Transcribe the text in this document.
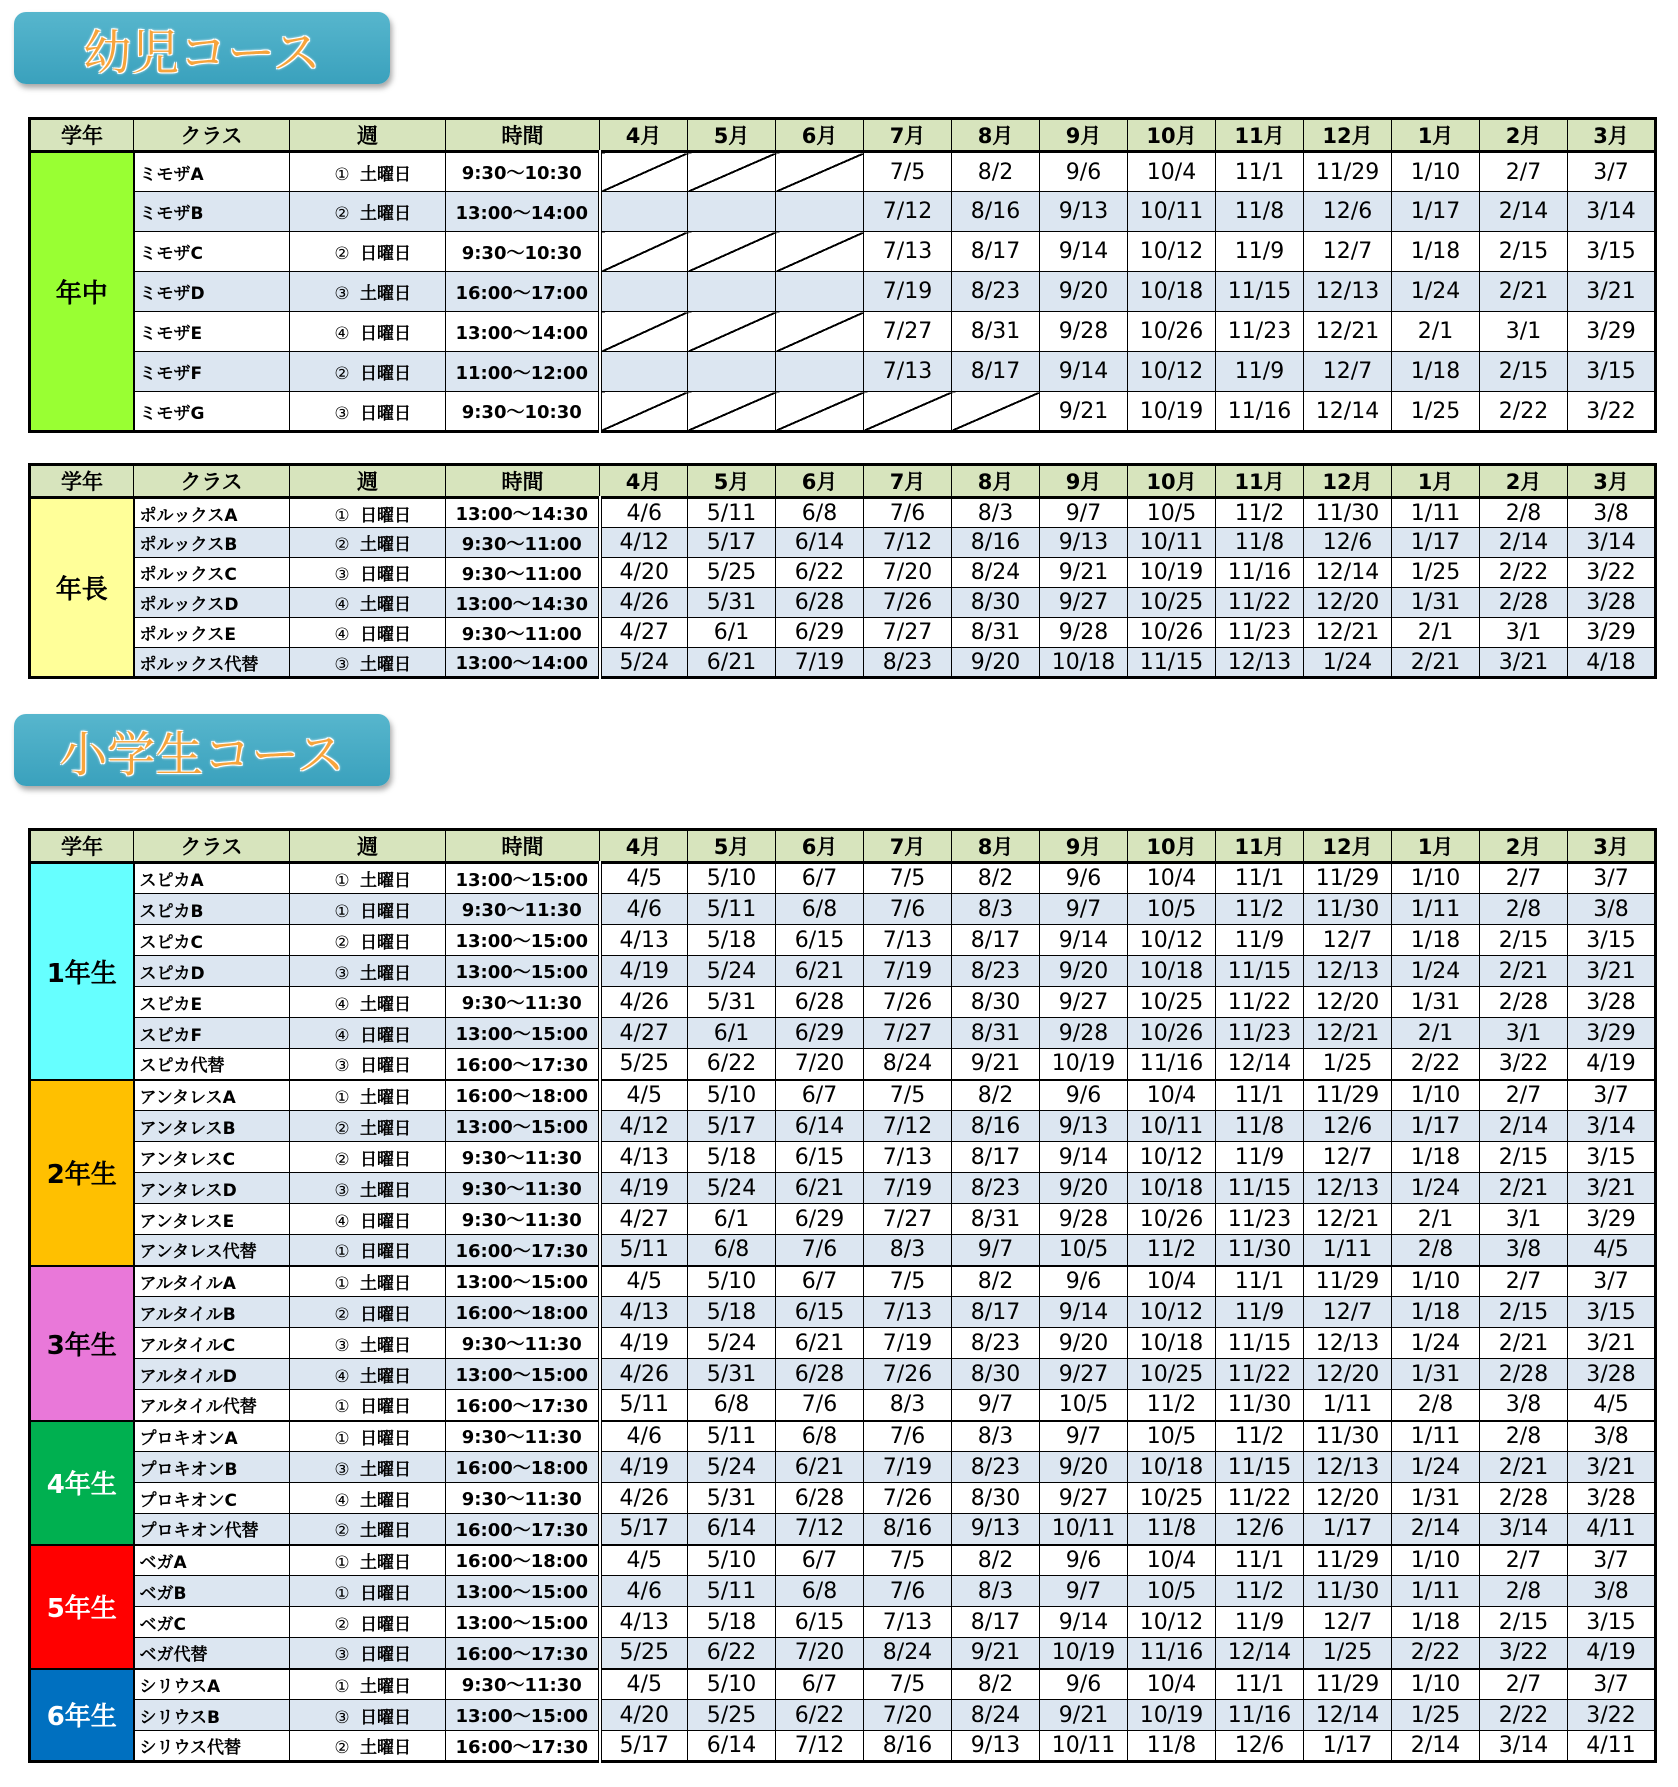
幼児コース
学年	クラス	週	時間	4月	5月	6月	7月	8月	9月	10月	11月	12月	1月	2月	3月
年中	ミモザA	① 土曜日	9:30～10:30				7/5	8/2	9/6	10/4	11/1	11/29	1/10	2/7	3/7
	ミモザB	② 土曜日	13:00～14:00				7/12	8/16	9/13	10/11	11/8	12/6	1/17	2/14	3/14
	ミモザC	② 日曜日	9:30～10:30				7/13	8/17	9/14	10/12	11/9	12/7	1/18	2/15	3/15
	ミモザD	③ 土曜日	16:00～17:00				7/19	8/23	9/20	10/18	11/15	12/13	1/24	2/21	3/21
	ミモザE	④ 日曜日	13:00～14:00				7/27	8/31	9/28	10/26	11/23	12/21	2/1	3/1	3/29
	ミモザF	② 日曜日	11:00～12:00				7/13	8/17	9/14	10/12	11/9	12/7	1/18	2/15	3/15
	ミモザG	③ 日曜日	9:30～10:30						9/21	10/19	11/16	12/14	1/25	2/22	3/22
学年	クラス	週	時間	4月	5月	6月	7月	8月	9月	10月	11月	12月	1月	2月	3月
年長	ポルックスA	① 日曜日	13:00～14:30	4/6	5/11	6/8	7/6	8/3	9/7	10/5	11/2	11/30	1/11	2/8	3/8
	ポルックスB	② 土曜日	9:30～11:00	4/12	5/17	6/14	7/12	8/16	9/13	10/11	11/8	12/6	1/17	2/14	3/14
	ポルックスC	③ 日曜日	9:30～11:00	4/20	5/25	6/22	7/20	8/24	9/21	10/19	11/16	12/14	1/25	2/22	3/22
	ポルックスD	④ 土曜日	13:00～14:30	4/26	5/31	6/28	7/26	8/30	9/27	10/25	11/22	12/20	1/31	2/28	3/28
	ポルックスE	④ 日曜日	9:30～11:00	4/27	6/1	6/29	7/27	8/31	9/28	10/26	11/23	12/21	2/1	3/1	3/29
	ポルックス代替	③ 土曜日	13:00～14:00	5/24	6/21	7/19	8/23	9/20	10/18	11/15	12/13	1/24	2/21	3/21	4/18
小学生コース
学年	クラス	週	時間	4月	5月	6月	7月	8月	9月	10月	11月	12月	1月	2月	3月
1年生	スピカA	① 土曜日	13:00～15:00	4/5	5/10	6/7	7/5	8/2	9/6	10/4	11/1	11/29	1/10	2/7	3/7
	スピカB	① 日曜日	9:30～11:30	4/6	5/11	6/8	7/6	8/3	9/7	10/5	11/2	11/30	1/11	2/8	3/8
	スピカC	② 日曜日	13:00～15:00	4/13	5/18	6/15	7/13	8/17	9/14	10/12	11/9	12/7	1/18	2/15	3/15
	スピカD	③ 土曜日	13:00～15:00	4/19	5/24	6/21	7/19	8/23	9/20	10/18	11/15	12/13	1/24	2/21	3/21
	スピカE	④ 土曜日	9:30～11:30	4/26	5/31	6/28	7/26	8/30	9/27	10/25	11/22	12/20	1/31	2/28	3/28
	スピカF	④ 日曜日	13:00～15:00	4/27	6/1	6/29	7/27	8/31	9/28	10/26	11/23	12/21	2/1	3/1	3/29
	スピカ代替	③ 日曜日	16:00～17:30	5/25	6/22	7/20	8/24	9/21	10/19	11/16	12/14	1/25	2/22	3/22	4/19
2年生	アンタレスA	① 土曜日	16:00～18:00	4/5	5/10	6/7	7/5	8/2	9/6	10/4	11/1	11/29	1/10	2/7	3/7
	アンタレスB	② 土曜日	13:00～15:00	4/12	5/17	6/14	7/12	8/16	9/13	10/11	11/8	12/6	1/17	2/14	3/14
	アンタレスC	② 日曜日	9:30～11:30	4/13	5/18	6/15	7/13	8/17	9/14	10/12	11/9	12/7	1/18	2/15	3/15
	アンタレスD	③ 土曜日	9:30～11:30	4/19	5/24	6/21	7/19	8/23	9/20	10/18	11/15	12/13	1/24	2/21	3/21
	アンタレスE	④ 日曜日	9:30～11:30	4/27	6/1	6/29	7/27	8/31	9/28	10/26	11/23	12/21	2/1	3/1	3/29
	アンタレス代替	① 日曜日	16:00～17:30	5/11	6/8	7/6	8/3	9/7	10/5	11/2	11/30	1/11	2/8	3/8	4/5
3年生	アルタイルA	① 土曜日	13:00～15:00	4/5	5/10	6/7	7/5	8/2	9/6	10/4	11/1	11/29	1/10	2/7	3/7
	アルタイルB	② 日曜日	16:00～18:00	4/13	5/18	6/15	7/13	8/17	9/14	10/12	11/9	12/7	1/18	2/15	3/15
	アルタイルC	③ 土曜日	9:30～11:30	4/19	5/24	6/21	7/19	8/23	9/20	10/18	11/15	12/13	1/24	2/21	3/21
	アルタイルD	④ 土曜日	13:00～15:00	4/26	5/31	6/28	7/26	8/30	9/27	10/25	11/22	12/20	1/31	2/28	3/28
	アルタイル代替	① 日曜日	16:00～17:30	5/11	6/8	7/6	8/3	9/7	10/5	11/2	11/30	1/11	2/8	3/8	4/5
4年生	プロキオンA	① 日曜日	9:30～11:30	4/6	5/11	6/8	7/6	8/3	9/7	10/5	11/2	11/30	1/11	2/8	3/8
	プロキオンB	③ 土曜日	16:00～18:00	4/19	5/24	6/21	7/19	8/23	9/20	10/18	11/15	12/13	1/24	2/21	3/21
	プロキオンC	④ 土曜日	9:30～11:30	4/26	5/31	6/28	7/26	8/30	9/27	10/25	11/22	12/20	1/31	2/28	3/28
	プロキオン代替	② 土曜日	16:00～17:30	5/17	6/14	7/12	8/16	9/13	10/11	11/8	12/6	1/17	2/14	3/14	4/11
5年生	ベガA	① 土曜日	16:00～18:00	4/5	5/10	6/7	7/5	8/2	9/6	10/4	11/1	11/29	1/10	2/7	3/7
	ベガB	① 日曜日	13:00～15:00	4/6	5/11	6/8	7/6	8/3	9/7	10/5	11/2	11/30	1/11	2/8	3/8
	ベガC	② 日曜日	13:00～15:00	4/13	5/18	6/15	7/13	8/17	9/14	10/12	11/9	12/7	1/18	2/15	3/15
	ベガ代替	③ 日曜日	16:00～17:30	5/25	6/22	7/20	8/24	9/21	10/19	11/16	12/14	1/25	2/22	3/22	4/19
6年生	シリウスA	① 土曜日	9:30～11:30	4/5	5/10	6/7	7/5	8/2	9/6	10/4	11/1	11/29	1/10	2/7	3/7
	シリウスB	③ 日曜日	13:00～15:00	4/20	5/25	6/22	7/20	8/24	9/21	10/19	11/16	12/14	1/25	2/22	3/22
	シリウス代替	② 土曜日	16:00～17:30	5/17	6/14	7/12	8/16	9/13	10/11	11/8	12/6	1/17	2/14	3/14	4/11
